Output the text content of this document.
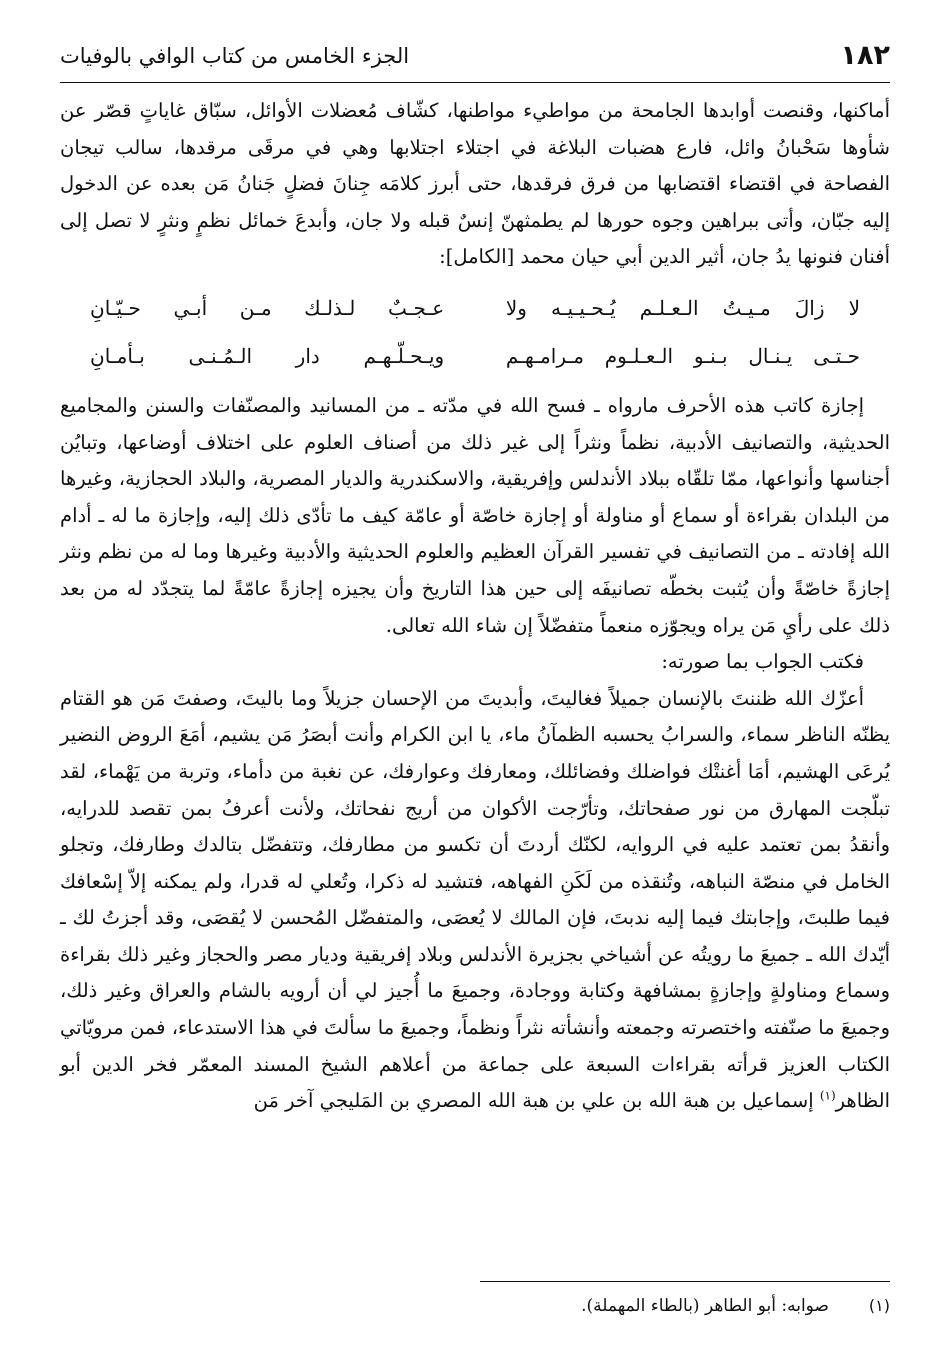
١٨٢
الجزء الخامس من كتاب الوافي بالوفيات

أماكنها، وقنصت أوابدها الجامحة من مواطيء مواطنها، كشّاف مُعضلات الأوائل، سبّاق غاياتٍ قصّر عن شأوها سَحْبانُ وائل، فارع هضبات البلاغة في اجتلاء اجتلابها وهي في مرقَى مرقدها، سالب تيجان الفصاحة في اقتضاء اقتضابها من فرق فرقدها، حتى أبرز كلامَه جِنانَ فضلٍ جَنانُ مَن بعده عن الدخول إليه جبّان، وأتى ببراهين وجوه حورها لم يطمثهنّ إنسٌ قبله ولا جان، وأبدعَ خمائل نظمٍ ونثرٍ لا تصل إلى أفنان فنونها يدُ جان، أثير الدين أبي حيان محمد [الكامل]:

لا زالَ مـيـتُ الـعـلـم يُـحـيـيـه ولا
عـجـبٌ لـذلـك مـن أبـي حـيّـانِ
حـتـى يـنـال بـنـو الـعـلـوم مـرامـهـم
ويـحـلّـهـم دار الـمُـنـى بـأمـانِ

إجازة كاتب هذه الأحرف مارواه ـ فسح الله في مدّته ـ من المسانيد والمصنّفات والسنن والمجاميع الحديثية، والتصانيف الأدبية، نظماً ونثراً إلى غير ذلك من أصناف العلوم على اختلاف أوضاعها، وتبايُن أجناسها وأنواعها، ممّا تلقّاه ببلاد الأندلس وإفريقية، والاسكندرية والديار المصرية، والبلاد الحجازية، وغيرها من البلدان بقراءة أو سماع أو مناولة أو إجازة خاصّة أو عامّة كيف ما تأدّى ذلك إليه، وإجازة ما له ـ أدام الله إفادته ـ من التصانيف في تفسير القرآن العظيم والعلوم الحديثية والأدبية وغيرها وما له من نظم ونثر إجازةً خاصّةً وأن يُثبت بخطّه تصانيفَه إلى حين هذا التاريخ وأن يجيزه إجازةً عامّةً لما يتجدّد له من بعد ذلك على رأيِ مَن يراه ويجوّزه منعماً متفضّلاً إن شاء الله تعالى.

فكتب الجواب بما صورته:

أعزّك الله ظننتَ بالإنسان جميلاً فغاليتَ، وأبديتَ من الإحسان جزيلاً وما باليتَ، وصفتَ مَن هو القتام يظنّه الناظر سماء، والسرابُ يحسبه الظمآنُ ماء، يا ابن الكرام وأنت أبصَرُ مَن يشيم، أمَعَ الروض النضير يُرعَى الهشيم، أمَا أغنتْك فواضلك وفضائلك، ومعارفك وعوارفك، عن نغبة من دأماء، وتربة من يَهْماء، لقد تبلّجت المهارق من نور صفحاتك، وتأرّجت الأكوان من أريج نفحاتك، ولأنت أعرفُ بمن تقصد للدرايه، وأنقدُ بمن تعتمد عليه في الروايه، لكنّك أردتَ أن تكسو من مطارفك، وتتفضّل بتالدك وطارفك، وتجلو الخامل في منصّة النباهه، وتُنقذه من لَكَنِ الفهاهه، فتشيد له ذكرا، وتُعلي له قدرا، ولم يمكنه إلاّ إسْعافك فيما طلبتَ، وإجابتك فيما إليه ندبتَ، فإن المالك لا يُعصَى، والمتفضّل المُحسن لا يُقصَى، وقد أجزتُ لك ـ أيّدك الله ـ جميعَ ما رويتُه عن أشياخي بجزيرة الأندلس وبلاد إفريقية وديار مصر والحجاز وغير ذلك بقراءة وسماع ومناولةٍ وإجازةٍ بمشافهة وكتابة ووجادة، وجميعَ ما أُجيز لي أن أرويه بالشام والعراق وغير ذلك، وجميعَ ما صنّفته واختصرته وجمعته وأنشأته نثراً ونظماً، وجميعَ ما سألتَ في هذا الاستدعاء، فمن مرويّاتي الكتاب العزيز قرأته بقراءات السبعة على جماعة من أعلاهم الشيخ المسند المعمّر فخر الدين أبو الظاهر$^{(١)}$ إسماعيل بن هبة الله بن علي بن هبة الله المصري بن المَليجي آخر مَن

(١)
صوابه: أبو الطاهر (بالطاء المهملة).
